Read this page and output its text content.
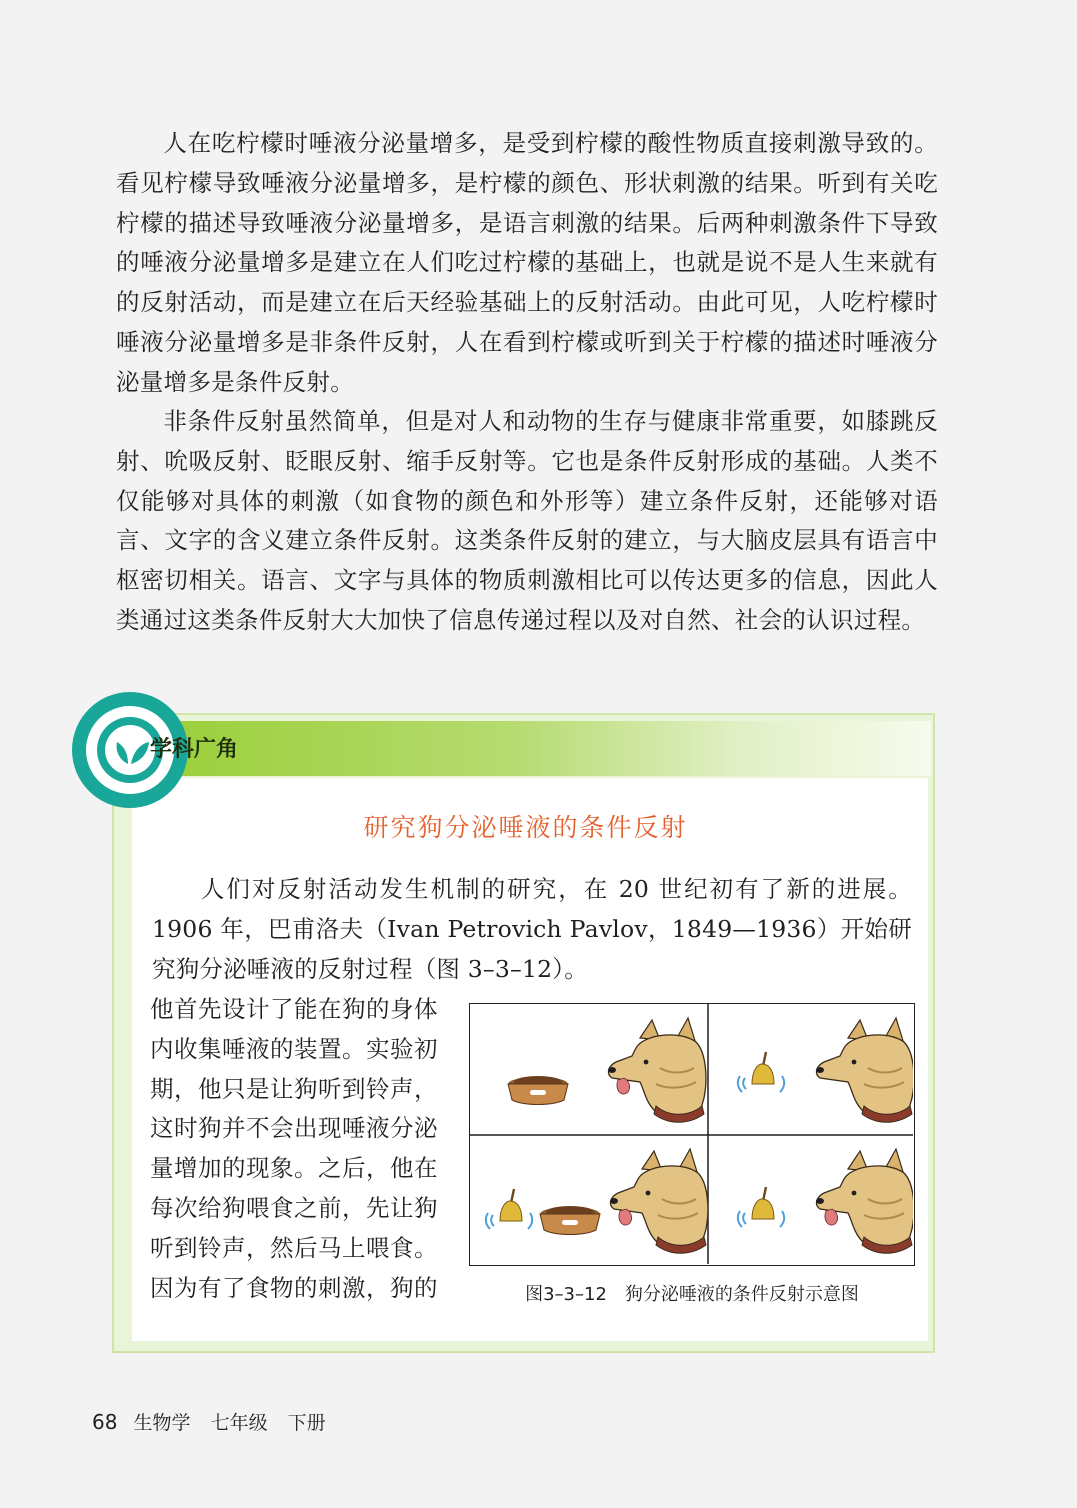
人在吃柠檬时唾液分泌量增多，是受到柠檬的酸性物质直接刺激导致的。看见柠檬导致唾液分泌量增多，是柠檬的颜色、形状刺激的结果。听到有关吃柠檬的描述导致唾液分泌量增多，是语言刺激的结果。后两种刺激条件下导致的唾液分泌量增多是建立在人们吃过柠檬的基础上，也就是说不是人生来就有的反射活动，而是建立在后天经验基础上的反射活动。由此可见，人吃柠檬时唾液分泌量增多是非条件反射，人在看到柠檬或听到关于柠檬的描述时唾液分泌量增多是条件反射。

非条件反射虽然简单，但是对人和动物的生存与健康非常重要，如膝跳反射、吮吸反射、眨眼反射、缩手反射等。它也是条件反射形成的基础。人类不仅能够对具体的刺激（如食物的颜色和外形等）建立条件反射，还能够对语言、文字的含义建立条件反射。这类条件反射的建立，与大脑皮层具有语言中枢密切相关。语言、文字与具体的物质刺激相比可以传达更多的信息，因此人类通过这类条件反射大大加快了信息传递过程以及对自然、社会的认识过程。

学科广角
研究狗分泌唾液的条件反射

人们对反射活动发生机制的研究，在 20 世纪初有了新的进展。1906 年，巴甫洛夫（Ivan Petrovich Pavlov，1849—1936）开始研究狗分泌唾液的反射过程（图 3–3–12）。

他首先设计了能在狗的身体
内收集唾液的装置。实验初
期，他只是让狗听到铃声，
这时狗并不会出现唾液分泌
量增加的现象。之后，他在
每次给狗喂食之前，先让狗
听到铃声，然后马上喂食。
因为有了食物的刺激，狗的	图3–3–12　狗分泌唾液的条件反射示意图
68 生物学 七年级 下册
